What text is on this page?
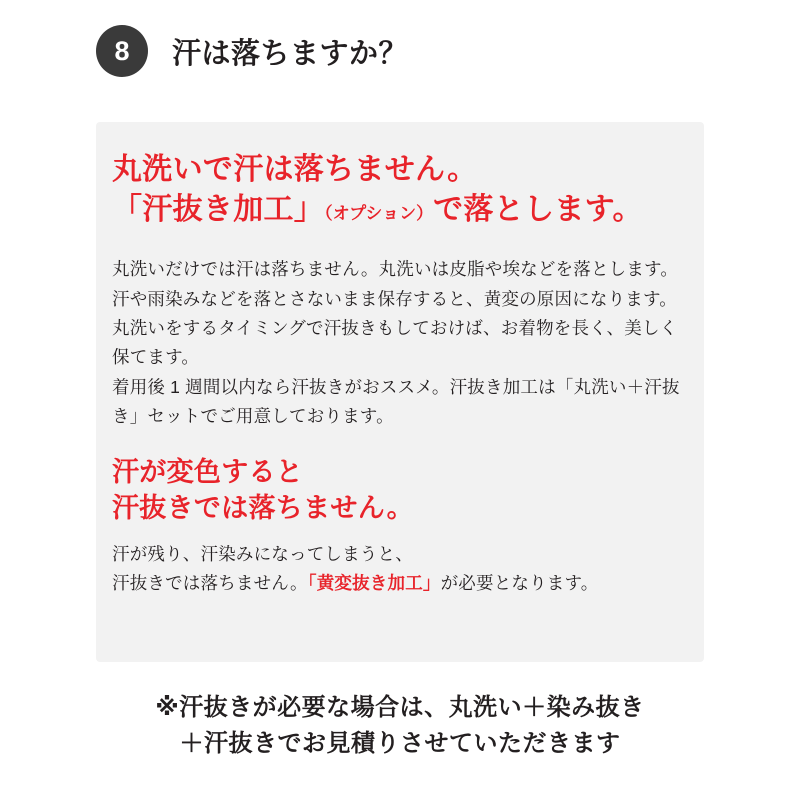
8	汗は落ちますか？
丸洗いで汗は落ちません。
「汗抜き加工」（オプション）で落とします。
丸洗いだけでは汗は落ちません。丸洗いは皮脂や埃などを落とします。
汗や雨染みなどを落とさないまま保存すると、黄変の原因になります。丸洗いをするタイミングで汗抜きもしておけば、お着物を長く、美しく保てます。
着用後 1 週間以内なら汗抜きがおススメ。汗抜き加工は「丸洗い＋汗抜き」セットでご用意しております。
汗が変色すると
汗抜きでは落ちません。
汗が残り、汗染みになってしまうと、
汗抜きでは落ちません。「黄変抜き加工」が必要となります。
※汗抜きが必要な場合は、丸洗い＋染み抜き
＋汗抜きでお見積りさせていただきます
